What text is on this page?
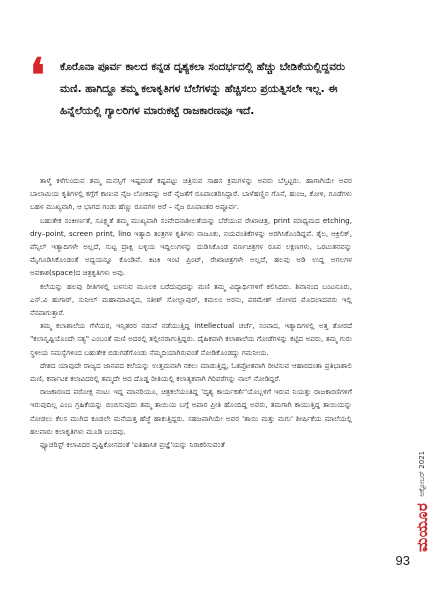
❛ ಕೊರೊನಾ ಪೂರ್ವ ಕಾಲದ ಕನ್ನಡ ದೃಶ್ಯಕಲಾ ಸಂದರ್ಭದಲ್ಲಿ ಹೆಚ್ಚು ಬೇಡಿಕೆಯಲ್ಲಿದ್ದವರು ಮಣಿ. ಹಾಗಿದ್ದೂ ತಮ್ಮ ಕಲಾಕೃತಿಗಳ ಬೆಲೆಗಳನ್ನು ಹೆಚ್ಚಿಸಲು ಪ್ರಯತ್ನಿಸಲೇ ಇಲ್ಲ. ಈ ಹಿನ್ನೆಲೆಯಲ್ಲಿ ಗ್ಯಾಲರಿಗಳ ಮಾರುಕಟ್ಟೆ ರಾಜಕಾರಣವೂ ಇದೆ.

ತಾಳ್ಮೆ ಕಳೆಗುಂದುವ ತಮ್ಮ ಮನಸ್ಸಿಗೆ ಇಷ್ಟದಂತೆ ಕಷ್ಟಪಟ್ಟು ಚಿತ್ರಿಸುವ ಸಾಹಸ ಕ್ರಮಗಳನ್ನು ಅವರು ಬೆಸ್ತಿಟ್ಟರು. ಹಾಗಾಗಿಯೇ ಅವರ ಬಾಲಾಮಿಯ ಕೃತಿಗಳಲ್ಲಿ ಕಗ್ಗೆಗೆ ಕಾಣುವ ನೈಜ ಲೋಕವನ್ನು ಅರೆ ನೈಜತೆಗೆ ರೂಪಾಂತರಿಸಿದ್ದಾರೆ. ಬಾಳೆಹಣ್ಣಿನ ಗೊನೆ, ಹುಂಜ, ಕೋಳಿ, ಗೂಡೆಗಳು ಬಹಳ ಮುಖ್ಯವಾಗಿ, ಆ ಭಾಗದ ಗಂಡು ಹೆಣ್ಣು ರೂಪಗಳ ಅರೆ – ನೈಜ ರೂಪಾಂತರ ಅಪ್ಪೂರ್ವ.

ಬಹುತೇಕ ಸಂಕೀರ್ಣತೆ, ಸೂಕ್ಷ್ಮತೆ ತಮ್ಮ ಮುಖ್ಯವಾಗಿ ಸಂವೇದನಾಶೀಲತೆಯನ್ನು ಬೆರೆಯುವ ರೇಖಾಚಿತ್ರ, print ಮಾಧ್ಯಮದ etching, dry–point, screen print, lino ಇತ್ಯಾದಿ ತಂತ್ರಗಳ ಕೃತಿಗಳು ನಾಜೂಕು, ನಯವಂತಿಕೆಗಳನ್ನು ಅರಗಿಸಿಕೊಂಡಿದ್ದವೆ. ತೈಲ, ಆಕ್ರಿಲಿಕ್, ಪೆನ್ಸಿಲ್ ಇತ್ಯಾದಿಗಳೇ ಅಲ್ಲದೆ, ಸುಟ್ಟ ದ್ರಾಕ್ಷಿ ಬಳ್ಳಿಯ ಇದ್ದಿಲುಗಳನ್ನು ದುಡಿಸಿಕೊಂಡ ವರ್ಣಚಿತ್ರಗಳ ರೂಪ ಲಕ್ಷಣಗಳು, ಒರಟುತನವನ್ನು ಮೈಗೂಡಿಸಿಕೊಂಡಂತೆ ಅಧ್ಯಯನ್ನೂ ಕೊಂಡಿವೆ. ಕಿಟಕಿ ಇಂಟಿ ಪ್ರಿಂಟ್, ರೇಖಾಚಿತ್ರಗಳೇ ಅಲ್ಲದೆ, ಹಲವು ಅಡಿ ಉದ್ದ ಅಗಲಗಳ ಅವಕಾಶ(space)ದ ಚಿತ್ರಕೃತಿಗಳು ಅವು.

ಕಲೆಯನ್ನು ಹಲವು ರೀತಿಗಳಲ್ಲಿ ಬಳಸುವ ಮೂಲಕ ಬರೆದುವುದನ್ನು ಮಣಿ ತಮ್ಮ ವಿದ್ಯಾರ್ಥಿಗಳಿಗೆ ಕಲಿಸಿದರು. ಶಿವಾನಂದ ಬಂಟನೂರು, ಎಸ್.ವಿ ಹುಗಾರ್, ಸುನೀಲ್ ಮಹಾಮಾವಿನ್ನದ, ಸತೀಶ್ ಸೋಲ್ಲಾಪುರ್, ಕಮಲಂ ಅರನು, ಪರಮೇಶ್ ಜೋಳದ ಮೊದಲಾದವರು ಇಲ್ಲಿ ನೆನಪಾಗುತ್ತಾರೆ.

ತಮ್ಮ ಕಲಾಶಾಲೆಯ ಗೆಳೆಯರ, ಇನ್ಸಿತರರ ನಡುವೆ ನಡೆಯುತ್ತಿದ್ದ intellectual ಚರ್ಚೆ, ಸಂವಾದ, ಇತ್ಯಾದಿಗಳಲ್ಲಿ ಅತ್ತ ತೋರದೆ "ಕಲಾಸೃಷ್ಟಿಯೊಂದೇ ಸತ್ಯ" ಎಂಬಂತೆ ಮಣಿ ಅದರಲ್ಲಿ ತಲ್ಲೀನರಾಗುತ್ತಿದ್ದರು. ದೈಹಿಕವಾಗಿ ಕಲಾಶಾಲೆಯ ಗೋಡೆಗಳನ್ನು ಕಟ್ಟಿದ ಅವರು, ತಮ್ಮ ಗುರು ಸ್ಥಳೀಯ ಸಮಸ್ಯೆಗಳಿಂದ ಬಹುತೇಕ ಬಿಡುಗಡೆಗೊಂಡು ನೆಮ್ಮದಿಯಾಗಿರುವಂತೆ ನೋಡಿಕೊಂಡದ್ದು ಗಮನೀಯ.

ದೇಶದ ಯಾವುದೇ ರಾಜ್ಯದ ಜಾನಪದ ಕಲೆಯನ್ನು ಉತ್ತಮವಾಗಿ ನಕಲು ಮಾಡುತ್ತಿದ್ದ, ಓತಪ್ರೋತವಾಗಿ ರೀಟಿಸುವ ಆಹಾರದಂತಾ ಪ್ರತಿಭಾಶಾಲಿ ಮಣಿ, ಕರ್ನಾಟಕ ಕಲಾವಿದರಲ್ಲಿ ತಮ್ಮದೇ ಆದ ದೊಡ್ಡ ರೀತಿಯಲ್ಲಿ ಕಲಾತ್ಯಕವಾಗಿ ಗಿರಿವರೆಗನ್ನು ನಾಲ್ ನೋಡಿದ್ದರೆ.

ರಾಜಕಾರಣದ ಪರೋಕ್ಷ ನಂಟು ಇದ್ದ ಮಾನರಿಯೂ, ಚಿತ್ರಕಲೆಯಂತಿದ್ದ 'ದೃಶ್ಯ ಕಾರ್ಯಕರ್ತೆ'ಯೊಬ್ಬಳಿಗೆ ಇರುವ ನಿಯತ್ತು ರಾಜಕಾರಣಿಗಳಿಗೆ ಇರುವುದಿಲ್ಲ ಎಂಬ ಗ್ರಹಿಕೆಯನ್ನು ಬಿಂಬಿಸುವುದು ತಮ್ಮ ತಾಯಿಯ ಬಗ್ಗೆ ಅಪಾರ ಪ್ರೀತಿ ಹೊಂದಿದ್ದ ಅವರು, ತಮಗಾಗಿ ಕಾಯುತ್ತಿದ್ದ ತಾಯಿಯನ್ನು ನೋಡಲು ಕೆಲಸ ಮುಗಿದ ಕೂಡಲೇ ಮನೆಯತ್ತ ಹೆಜ್ಜೆ ಹಾಕುತ್ತಿದ್ದರು. ಸಹಜವಾಗಿಯೇ ಅವರ 'ತಾಯಿ ಮತ್ತು ಮಗು' ಶೀರ್ಷಿಕೆಯ ಮಾಲೆಯಲ್ಲಿ ಹಲವಾರು ಕಲಾಕೃತಿಗಳು ಮೂಡಿ ಬಂದವು.

ಫ್ಯೂಚರಿಸ್ಟ್ ಕಲಾವಿದರ ದೃಷ್ಟಿಕೋನದಂತೆ 'ಐತಿಹಾಸಿಕ ಪ್ರಜ್ಞೆ'ಯನ್ನು ನಿರಾಕರಿಸುವಂತೆ

ಮಯೂರ
ಅಕ್ಟೋಬರ್ 2021
93
